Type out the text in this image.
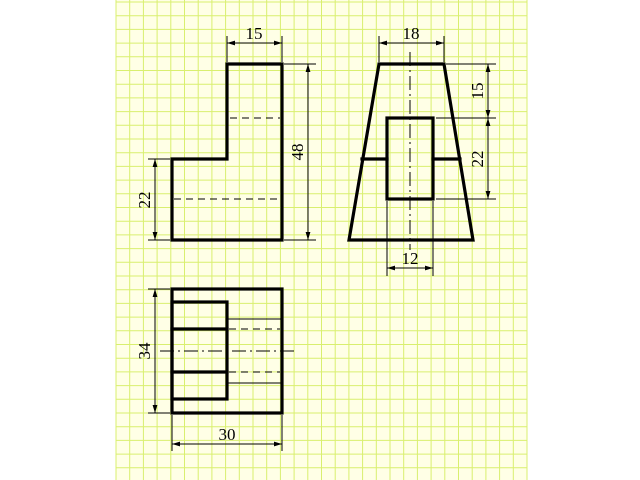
15
48
22
18
15
22
12
34
30
